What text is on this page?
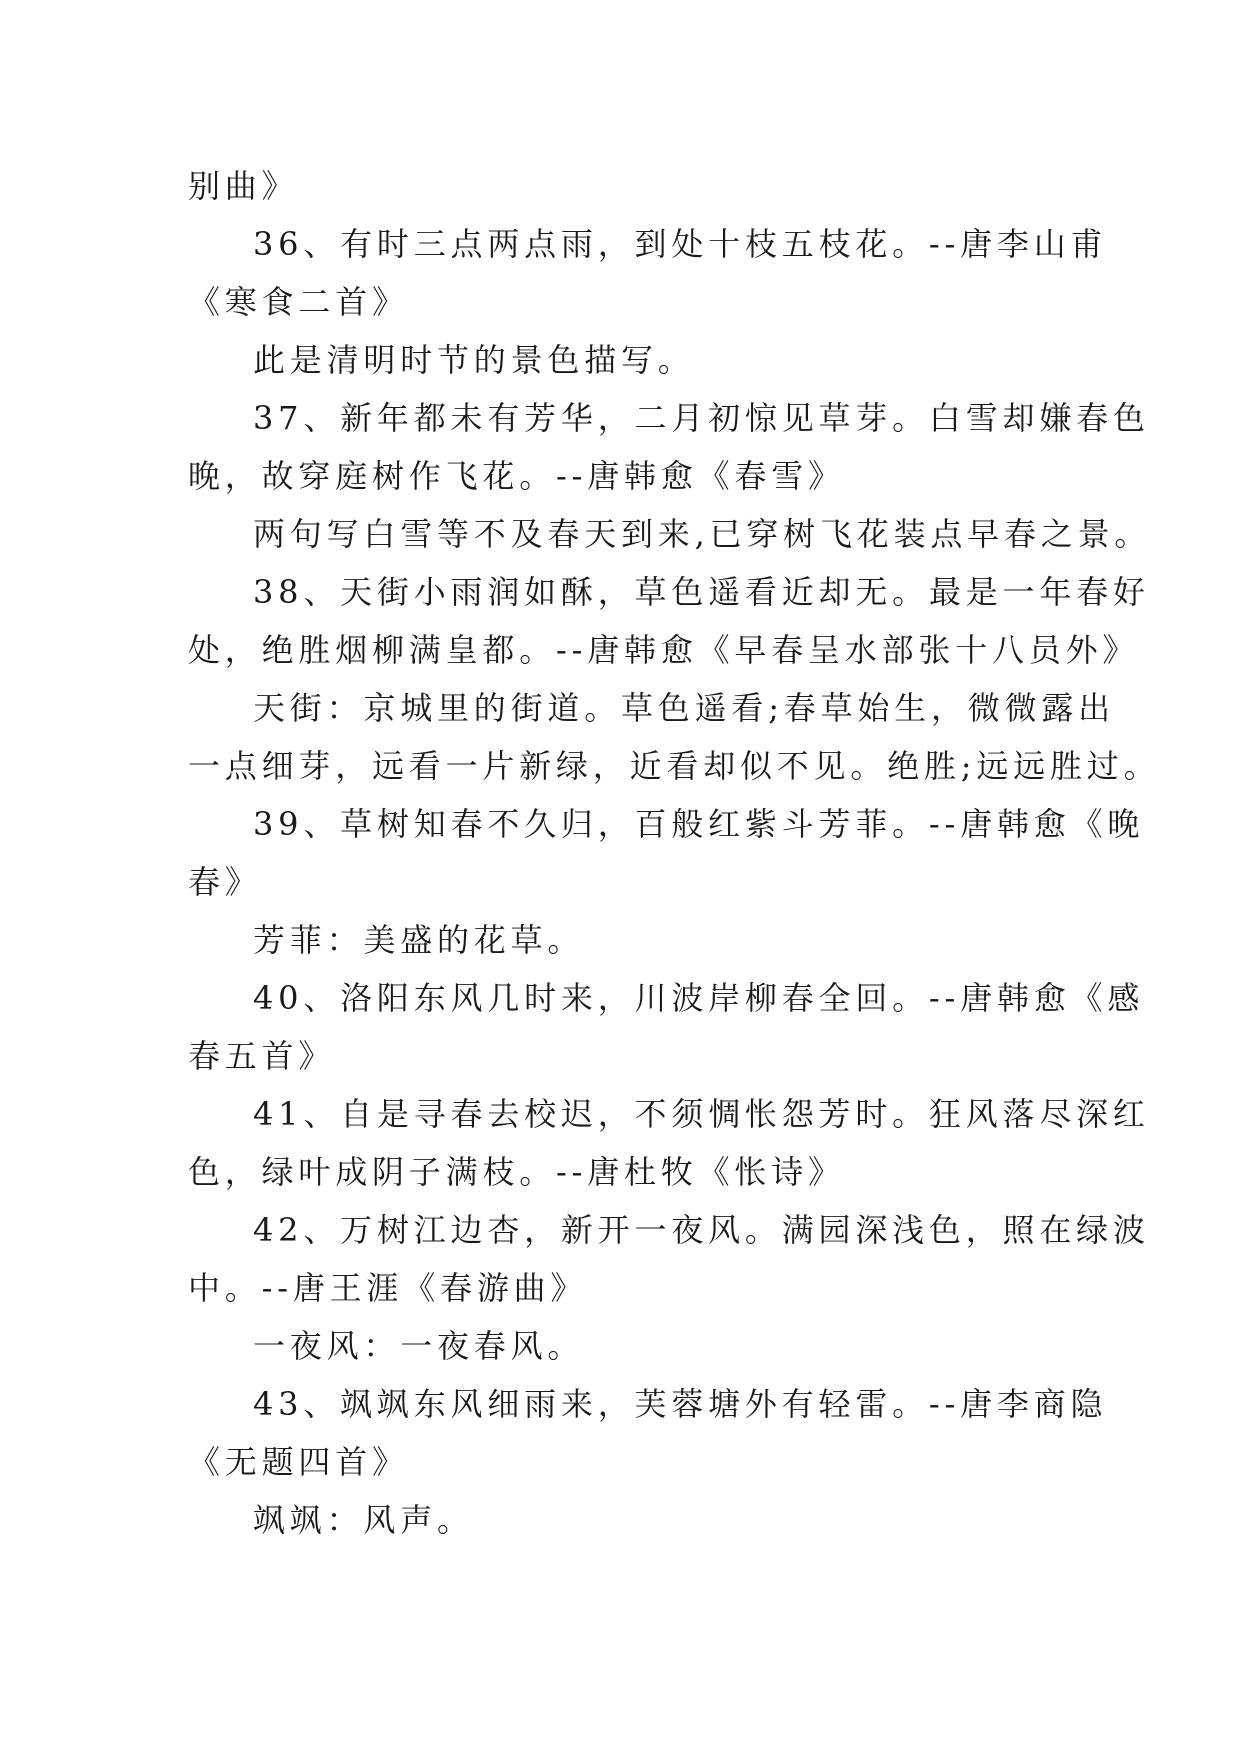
别曲》
36、有时三点两点雨，到处十枝五枝花。--唐李山甫
《寒食二首》
此是清明时节的景色描写。
37、新年都未有芳华，二月初惊见草芽。白雪却嫌春色
晚，故穿庭树作飞花。--唐韩愈《春雪》
两句写白雪等不及春天到来,已穿树飞花装点早春之景。
38、天街小雨润如酥，草色遥看近却无。最是一年春好
处，绝胜烟柳满皇都。--唐韩愈《早春呈水部张十八员外》
天街：京城里的街道。草色遥看;春草始生，微微露出
一点细芽，远看一片新绿，近看却似不见。绝胜;远远胜过。
39、草树知春不久归，百般红紫斗芳菲。--唐韩愈《晚
春》
芳菲：美盛的花草。
40、洛阳东风几时来，川波岸柳春全回。--唐韩愈《感
春五首》
41、自是寻春去校迟，不须惆怅怨芳时。狂风落尽深红
色，绿叶成阴子满枝。--唐杜牧《怅诗》
42、万树江边杏，新开一夜风。满园深浅色，照在绿波
中。--唐王涯《春游曲》
一夜风：一夜春风。
43、飒飒东风细雨来，芙蓉塘外有轻雷。--唐李商隐
《无题四首》
飒飒：风声。
